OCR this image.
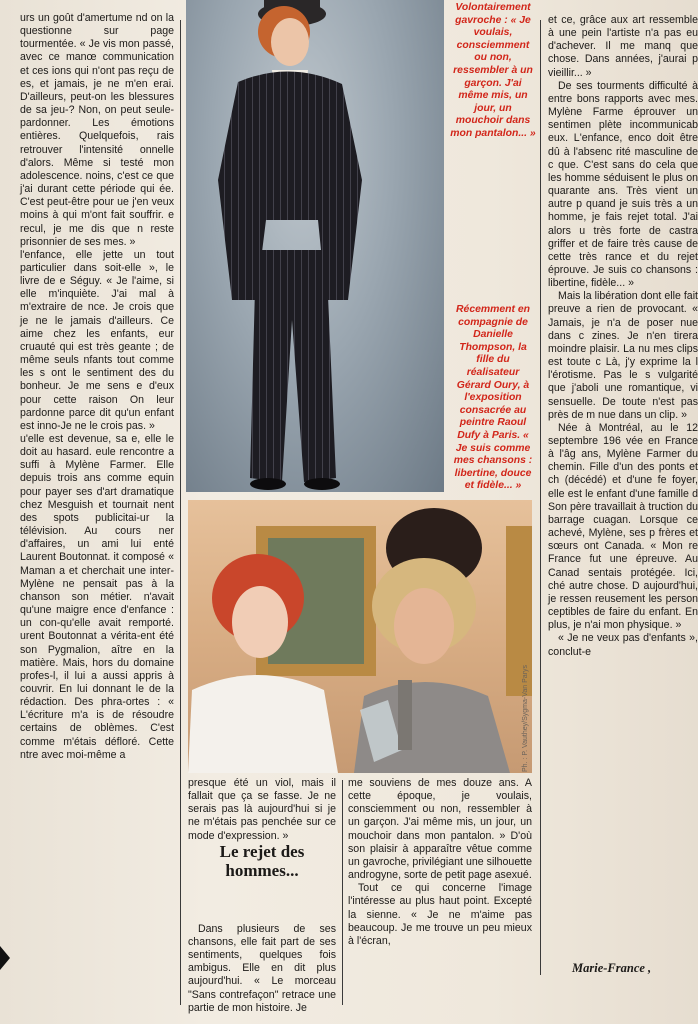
urs un goût d'amertume nd on la questionne sur page tourmentée. « Je vis mon passé, avec ce manœ communication et ces ions qui n'ont pas reçu de es, et jamais, je ne m'en erai. D'ailleurs, peut-on les blessures de sa jeu-? Non, on peut seule-pardonner. Les émotions entières. Quelquefois, rais retrouver l'intensité onnelle d'alors. Même si testé mon adolescence. noins, c'est ce que j'ai durant cette période qui ée. C'est peut-être pour ue j'en veux moins à qui m'ont fait souffrir. e recul, je me dis que n reste prisonnier de ses mes. »

l'enfance, elle jette un tout particulier dans soit-elle », le livre de e Séguy. « Je l'aime, si elle m'inquiète. J'ai mal à m'extraire de nce. Je crois que je ne le jamais d'ailleurs. Ce aime chez les enfants, eur cruauté qui est très geante ; de même seuls nfants tout comme les s ont le sentiment des du bonheur. Je me sens e d'eux pour cette raison On leur pardonne parce dit qu'un enfant est inno-Je ne le crois pas. »

u'elle est devenue, sa e, elle le doit au hasard. eule rencontre a suffi à Mylène Farmer. Elle depuis trois ans comme equin pour payer ses d'art dramatique chez Mesguish et tournait nent des spots publicitai-ur la télévision. Au cours ner d'affaires, un ami lui enté Laurent Boutonnat. it composé « Maman a et cherchait une inter-Mylène ne pensait pas à la chanson son métier. n'avait qu'une maigre ence d'enfance : un con-qu'elle avait remporté. urent Boutonnat a vérita-ent été son Pygmalion, aître en la matière. Mais, hors du domaine profes-l, il lui a aussi appris à couvrir. En lui donnant le de la rédaction. Des phra-ortes : « L'écriture m'a is de résoudre certains de oblèmes. C'est comme m'étais défloré. Cette ntre avec moi-même a

Volontairement gavroche : « Je voulais, consciemment ou non, ressembler à un garçon. J'ai même mis, un jour, un mouchoir dans mon pantalon... »
Récemment en compagnie de Danielle Thompson, la fille du réalisateur Gérard Oury, à l'exposition consacrée au peintre Raoul Dufy à Paris. « Je suis comme mes chansons : libertine, douce et fidèle... »
Ph. : P. Vauthey/Sygma-Van Parys

presque été un viol, mais il fallait que ça se fasse. Je ne serais pas là aujourd'hui si je ne m'étais pas penchée sur ce mode d'expression. »

Dans plusieurs de ses chansons, elle fait part de ses sentiments, quelques fois ambigus. Elle en dit plus aujourd'hui. « Le morceau "Sans contrefaçon" retrace une partie de mon histoire. Je

Le rejet des hommes...

me souviens de mes douze ans. A cette époque, je voulais, consciemment ou non, ressembler à un garçon. J'ai même mis, un jour, un mouchoir dans mon pantalon. » D'où son plaisir à apparaître vêtue comme un gavroche, privilégiant une silhouette androgyne, sorte de petit page asexué.

Tout ce qui concerne l'image l'intéresse au plus haut point. Excepté la sienne. « Je ne m'aime pas beaucoup. Je me trouve un peu mieux à l'écran,

et ce, grâce aux art ressemble à une pein l'artiste n'a pas eu d'achever. Il me manq que chose. Dans années, j'aurai p vieillir... »

De ses tourments difficulté à entre bons rapports avec mes. Mylène Farme éprouver un sentimen plète incommunicab eux. L'enfance, enco doit être dû à l'absenc rité masculine de c que. C'est sans do cela que les homme séduisent le plus on quarante ans. Très vient un autre p quand je suis très a un homme, je fais rejet total. J'ai alors u très forte de castra griffer et de faire très cause de cette très rance et du rejet éprouve. Je suis co chansons : libertine, fidèle... »

Mais la libération dont elle fait preuve a rien de provocant. « Jamais, je n'a de poser nue dans c zines. Je n'en tirera moindre plaisir. La nu mes clips est toute c Là, j'y exprime la l l'érotisme. Pas le s vulgarité que j'aboli une romantique, vi sensuelle. De toute n'est pas près de m nue dans un clip. »

Née à Montréal, au le 12 septembre 196 vée en France à l'âg ans, Mylène Farmer du chemin. Fille d'un des ponts et ch (décédé) et d'une fe foyer, elle est le enfant d'une famille d Son père travaillait à truction du barrage cuagan. Lorsque ce achevé, Mylène, ses p frères et sœurs ont Canada. « Mon re France fut une épreuve. Au Canad sentais protégée. Ici, ché autre chose. D aujourd'hui, je ressen reusement les person ceptibles de faire du enfant. En plus, je n'ai mon physique. »

« Je ne veux pas d'enfants », conclut-e

Marie-France ,
